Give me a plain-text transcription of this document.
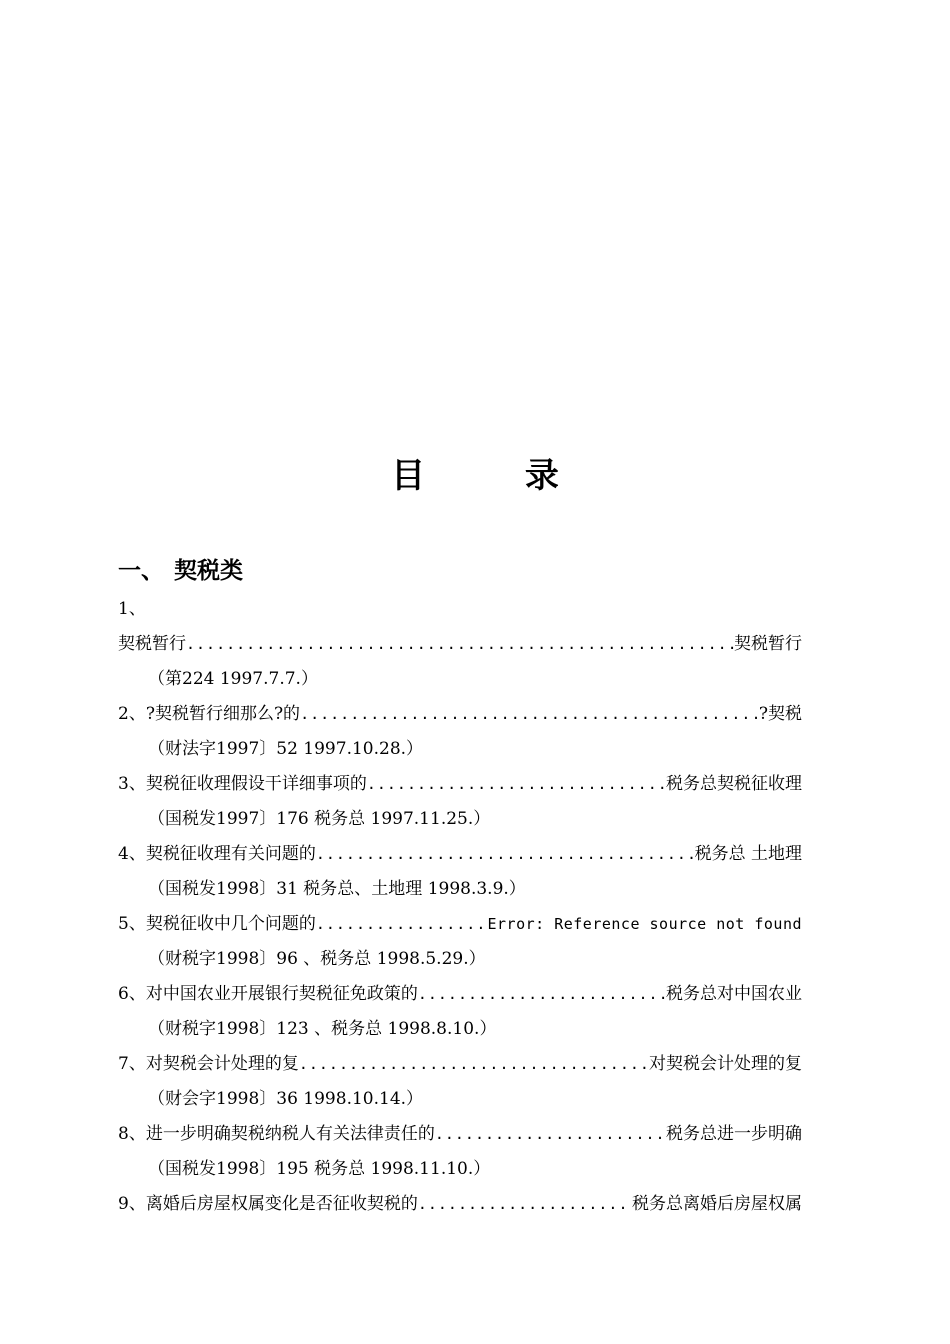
目 录
一、 契税类
1、
契税暂行 .....	契税暂行
（第224 1997.7.7.）
2、 ?契税暂行细那么?的 .....	?契税
（财法字1997〕52 1997.10.28.）
3、 契税征收理假设干详细事项的 .....	税务总契税征收理
（国税发1997〕176 税务总 1997.11.25.）
4、 契税征收理有关问题的 .....	税务总 土地理
（国税发1998〕31 税务总、土地理 1998.3.9.）
5、 契税征收中几个问题的 .....	Error: Reference source not found
（财税字1998〕96 、税务总 1998.5.29.）
6、 对中国农业开展银行契税征免政策的 .....	税务总对中国农业
（财税字1998〕123 、税务总 1998.8.10.）
7、 对契税会计处理的复 .....	对契税会计处理的复
（财会字1998〕36 1998.10.14.）
8、 进一步明确契税纳税人有关法律责任的 .....	税务总进一步明确
（国税发1998〕195 税务总 1998.11.10.）
9、 离婚后房屋权属变化是否征收契税的 .....	税务总离婚后房屋权属
